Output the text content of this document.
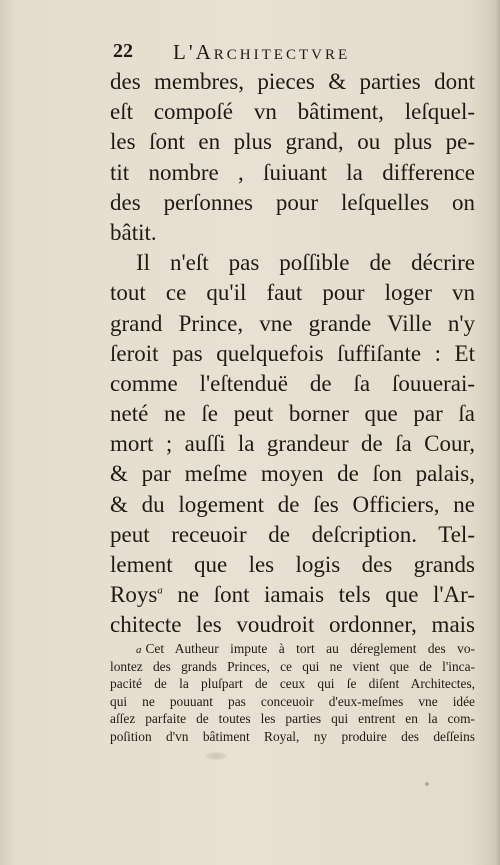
22 L'Architectvre
des membres, pieces & parties dont
eſt compoſé vn bâtiment, leſquel-
les ſont en plus grand, ou plus pe-
tit nombre , ſuiuant la difference
des perſonnes pour leſquelles on
bâtit.
Il n'eſt pas poſſible de décrire
tout ce qu'il faut pour loger vn
grand Prince, vne grande Ville n'y
ſeroit pas quelquefois ſuffiſante : Et
comme l'eſtenduë de ſa ſouuerai-
neté ne ſe peut borner que par ſa
mort ; auſſi la grandeur de ſa Cour,
& par meſme moyen de ſon palais,
& du logement de ſes Officiers, ne
peut receuoir de deſcription. Tel-
lement que les logis des grands
Roys$^a$ ne ſont iamais tels que l'Ar-
chitecte les voudroit ordonner, mais
a Cet Autheur impute à tort au déreglement des vo-
lontez des grands Princes, ce qui ne vient que de l'inca-
pacité de la pluſpart de ceux qui ſe diſent Architectes,
qui ne pouuant pas conceuoir d'eux-meſmes vne idée
aſſez parfaite de toutes les parties qui entrent en la com-
poſition d'vn bâtiment Royal, ny produire des deſſeins
